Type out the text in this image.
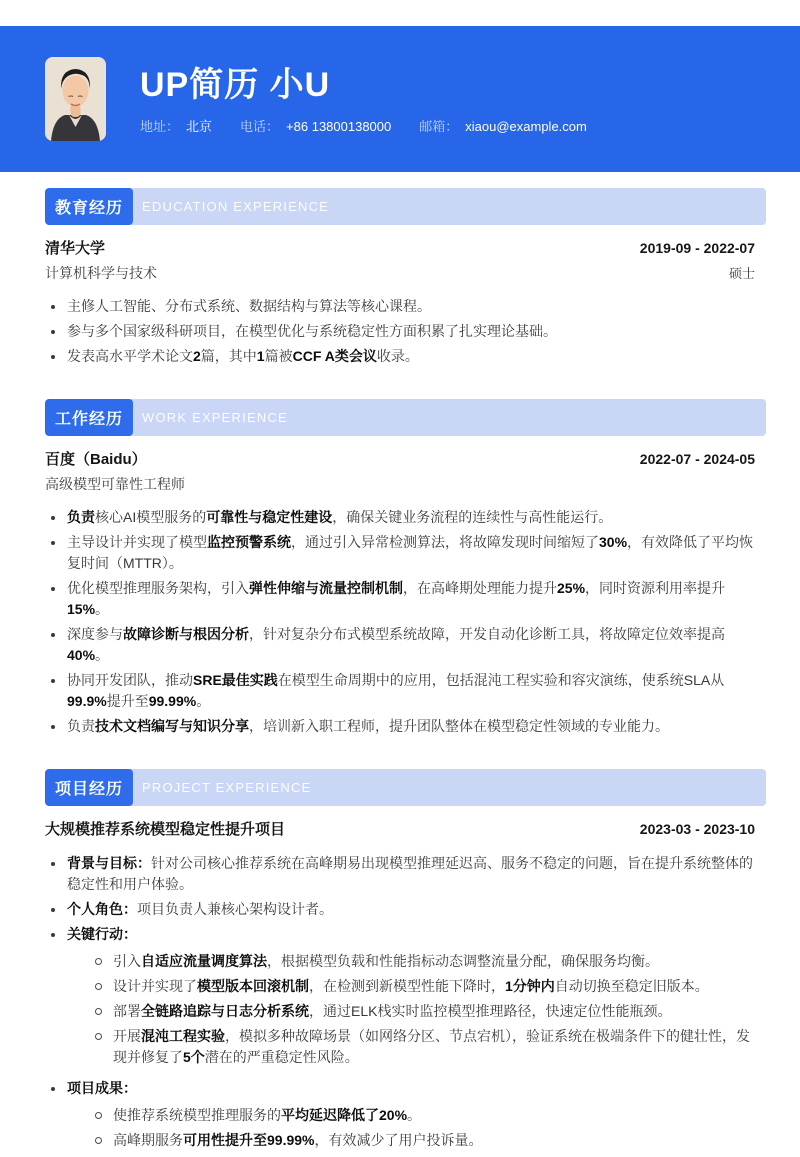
UP简历 小U
地址： 北京 电话： +86 13800138000 邮箱： xiaou@example.com
教育经历	EDUCATION EXPERIENCE
清华大学	2019-09 - 2022-07
计算机科学与技术	硕士
主修人工智能、分布式系统、数据结构与算法等核心课程。
参与多个国家级科研项目，在模型优化与系统稳定性方面积累了扎实理论基础。
发表高水平学术论文2篇，其中1篇被CCF A类会议收录。
工作经历	WORK EXPERIENCE
百度（Baidu）	2022-07 - 2024-05
高级模型可靠性工程师
负责核心AI模型服务的可靠性与稳定性建设，确保关键业务流程的连续性与高性能运行。
主导设计并实现了模型监控预警系统，通过引入异常检测算法，将故障发现时间缩短了30%，有效降低了平均恢复时间（MTTR）。
优化模型推理服务架构，引入弹性伸缩与流量控制机制，在高峰期处理能力提升25%，同时资源利用率提升15%。
深度参与故障诊断与根因分析，针对复杂分布式模型系统故障，开发自动化诊断工具，将故障定位效率提高40%。
协同开发团队，推动SRE最佳实践在模型生命周期中的应用，包括混沌工程实验和容灾演练，使系统SLA从99.9%提升至99.99%。
负责技术文档编写与知识分享，培训新入职工程师，提升团队整体在模型稳定性领域的专业能力。
项目经历	PROJECT EXPERIENCE
大规模推荐系统模型稳定性提升项目	2023-03 - 2023-10
背景与目标：针对公司核心推荐系统在高峰期易出现模型推理延迟高、服务不稳定的问题，旨在提升系统整体的稳定性和用户体验。
个人角色：项目负责人兼核心架构设计者。
关键行动：
引入自适应流量调度算法，根据模型负载和性能指标动态调整流量分配，确保服务均衡。
设计并实现了模型版本回滚机制，在检测到新模型性能下降时，1分钟内自动切换至稳定旧版本。
部署全链路追踪与日志分析系统，通过ELK栈实时监控模型推理路径，快速定位性能瓶颈。
开展混沌工程实验，模拟多种故障场景（如网络分区、节点宕机），验证系统在极端条件下的健壮性，发现并修复了5个潜在的严重稳定性风险。
项目成果：
使推荐系统模型推理服务的平均延迟降低了20%。
高峰期服务可用性提升至99.99%，有效减少了用户投诉量。
